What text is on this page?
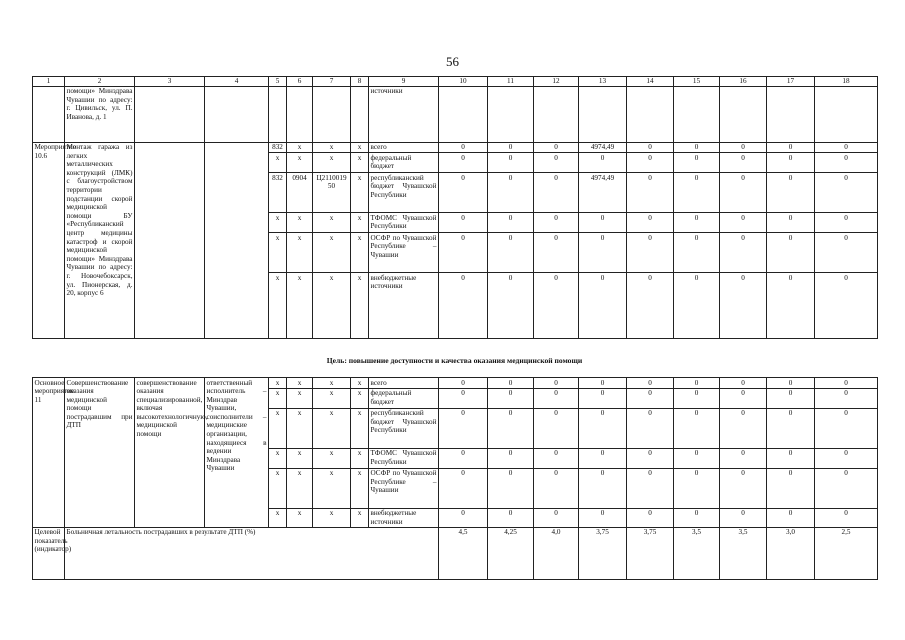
56
1	2	3	4	5	6	7	8	9	10	11	12	13	14	15	16	17	18
	помощи» Минздрава Чувашии по адресу: г. Цивильск, ул. П. Иванова, д. 1							источники									
Мероприятие 10.6	Монтаж гаража из легких металлических конструкций (ЛМК) с благоустройством территории подстанции скорой медицинской помощи БУ «Республиканский центр медицины катастроф и скорой медицинской помощи» Минздрава Чувашии по адресу: г. Новочебоксарск, ул. Пионерская, д. 20, корпус 6			832	x	x	x	всего	0	0	0	4974,49	0	0	0	0	0
				x	x	x	x	федеральный бюджет	0	0	0	0	0	0	0	0	0
				832	0904	Ц2110019 50	x	республиканский бюджет Чувашской Республики	0	0	0	4974,49	0	0	0	0	0
				x	x	x	x	ТФОМС Чувашской Республики	0	0	0	0	0	0	0	0	0
				x	x	x	x	ОСФР по Чувашской Республике – Чувашии	0	0	0	0	0	0	0	0	0
				x	x	x	x	внебюджетные источники	0	0	0	0	0	0	0	0	0
Цель: повышение доступности и качества оказания медицинской помощи
Основное мероприятие 11	Совершенствование оказания медицинской помощи пострадавшим при ДТП	совершенствование оказания специализированной, включая высокотехнологичную, медицинской помощи	ответственный исполнитель – Минздрав Чувашии, соисполнители – медицинские организации, находящиеся в ведении Минздрава Чувашии	x	x	x	x	всего	0	0	0	0	0	0	0	0	0
				x	x	x	x	федеральный бюджет	0	0	0	0	0	0	0	0	0
				x	x	x	x	республиканский бюджет Чувашской Республики	0	0	0	0	0	0	0	0	0
				x	x	x	x	ТФОМС Чувашской Республики	0	0	0	0	0	0	0	0	0
				x	x	x	x	ОСФР по Чувашской Республике – Чувашии	0	0	0	0	0	0	0	0	0
				x	x	x	x	внебюджетные источники	0	0	0	0	0	0	0	0	0
Целевой показатель (индикатор)	Больничная летальность пострадавших в результате ДТП (%)								4,5	4,25	4,0	3,75	3,75	3,5	3,5	3,0	2,5
